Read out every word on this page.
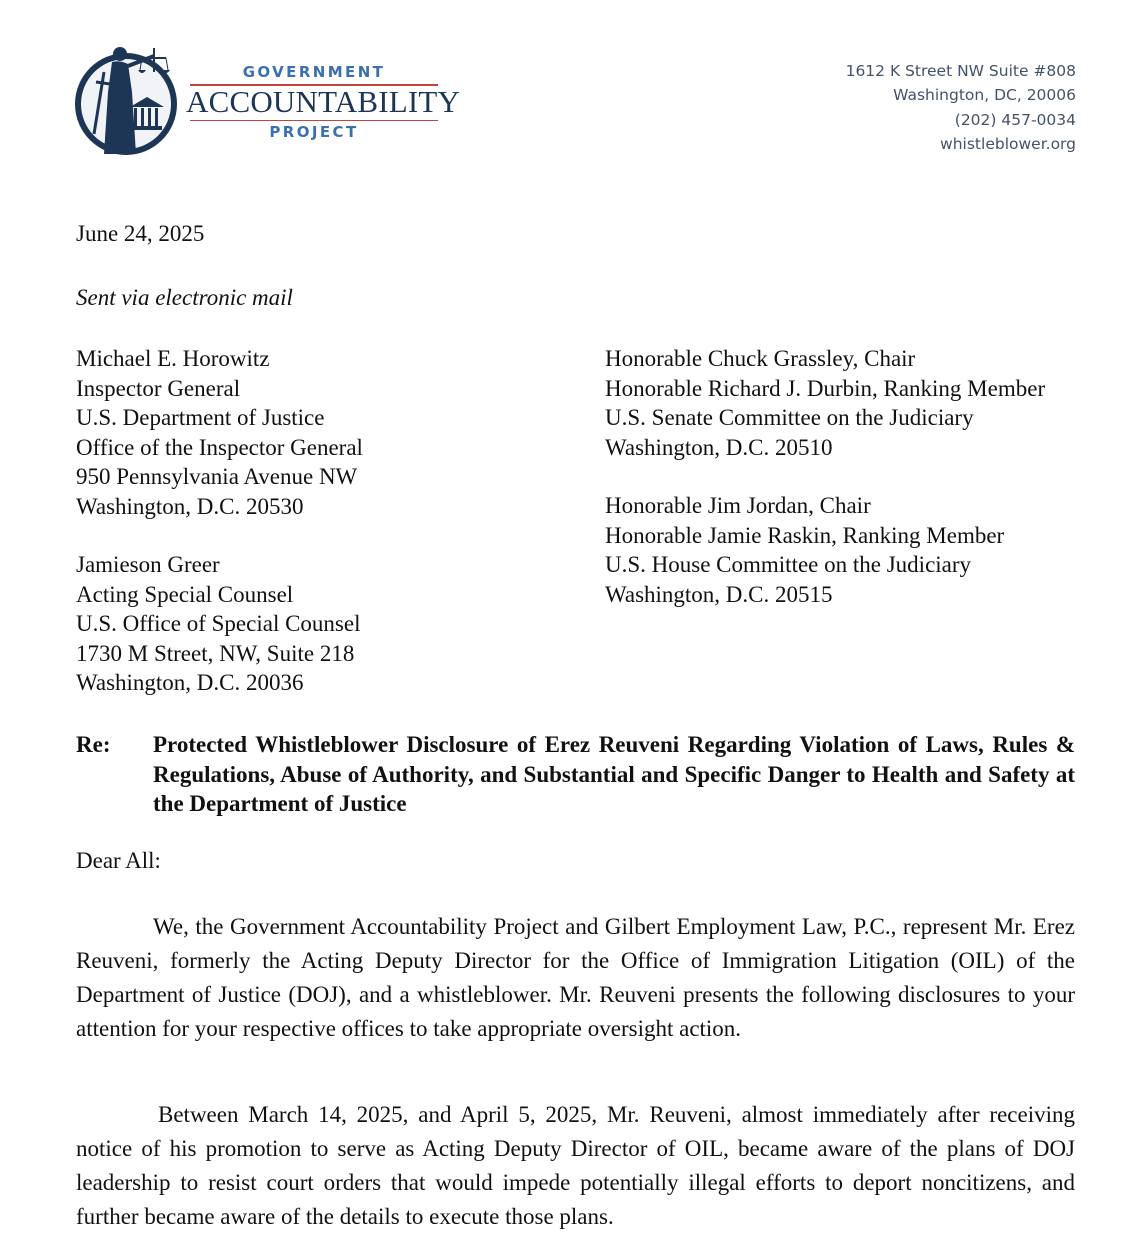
GOVERNMENT
ACCOUNTABILITY
PROJECT
1612 K Street NW Suite #808
Washington, DC, 20006
(202) 457-0034
whistleblower.org
June 24, 2025
Sent via electronic mail
Michael E. Horowitz
Inspector General
U.S. Department of Justice
Office of the Inspector General
950 Pennsylvania Avenue NW
Washington, D.C. 20530
Jamieson Greer
Acting Special Counsel
U.S. Office of Special Counsel
1730 M Street, NW, Suite 218
Washington, D.C. 20036
Honorable Chuck Grassley, Chair
Honorable Richard J. Durbin, Ranking Member
U.S. Senate Committee on the Judiciary
Washington, D.C. 20510
Honorable Jim Jordan, Chair
Honorable Jamie Raskin, Ranking Member
U.S. House Committee on the Judiciary
Washington, D.C. 20515
Re: Protected Whistleblower Disclosure of Erez Reuveni Regarding Violation of Laws, Rules & Regulations, Abuse of Authority, and Substantial and Specific Danger to Health and Safety at the Department of Justice
Dear All:

We, the Government Accountability Project and Gilbert Employment Law, P.C., represent Mr. Erez Reuveni, formerly the Acting Deputy Director for the Office of Immigration Litigation (OIL) of the Department of Justice (DOJ), and a whistleblower. Mr. Reuveni presents the following disclosures to your attention for your respective offices to take appropriate oversight action.

Between March 14, 2025, and April 5, 2025, Mr. Reuveni, almost immediately after receiving notice of his promotion to serve as Acting Deputy Director of OIL, became aware of the plans of DOJ leadership to resist court orders that would impede potentially illegal efforts to deport noncitizens, and further became aware of the details to execute those plans.
